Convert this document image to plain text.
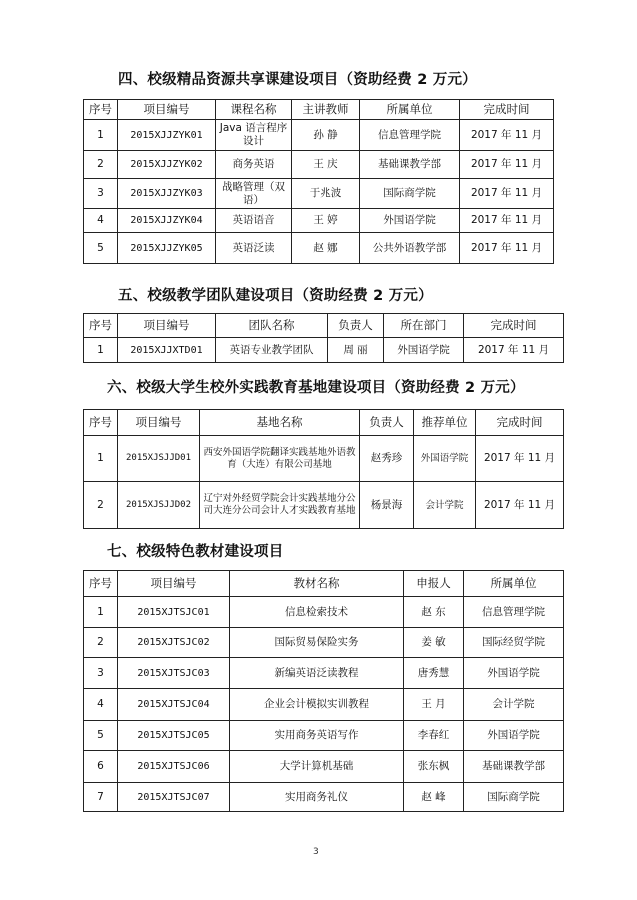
四、校级精品资源共享课建设项目（资助经费 2 万元）
序号	项目编号	课程名称	主讲教师	所属单位	完成时间
1	2015XJJZYK01	Java 语言程序设计	孙 静	信息管理学院	2017 年 11 月
2	2015XJJZYK02	商务英语	王 庆	基础课教学部	2017 年 11 月
3	2015XJJZYK03	战略管理（双语）	于兆波	国际商学院	2017 年 11 月
4	2015XJJZYK04	英语语音	王 婷	外国语学院	2017 年 11 月
5	2015XJJZYK05	英语泛读	赵 娜	公共外语教学部	2017 年 11 月
五、校级教学团队建设项目（资助经费 2 万元）
序号	项目编号	团队名称	负责人	所在部门	完成时间
1	2015XJJXTD01	英语专业教学团队	周 丽	外国语学院	2017 年 11 月
六、校级大学生校外实践教育基地建设项目（资助经费 2 万元）
序号	项目编号	基地名称	负责人	推荐单位	完成时间
1	2015XJSJJD01	西安外国语学院翻译实践基地外语教育（大连）有限公司基地	赵秀珍	外国语学院	2017 年 11 月
2	2015XJSJJD02	辽宁对外经贸学院会计实践基地分公司大连分公司会计人才实践教育基地	杨景海	会计学院	2017 年 11 月
七、校级特色教材建设项目
序号	项目编号	教材名称	申报人	所属单位
1	2015XJTSJC01	信息检索技术	赵 东	信息管理学院
2	2015XJTSJC02	国际贸易保险实务	姜 敏	国际经贸学院
3	2015XJTSJC03	新编英语泛读教程	唐秀慧	外国语学院
4	2015XJTSJC04	企业会计模拟实训教程	王 月	会计学院
5	2015XJTSJC05	实用商务英语写作	李春红	外国语学院
6	2015XJTSJC06	大学计算机基础	张东枫	基础课教学部
7	2015XJTSJC07	实用商务礼仪	赵 峰	国际商学院
3
